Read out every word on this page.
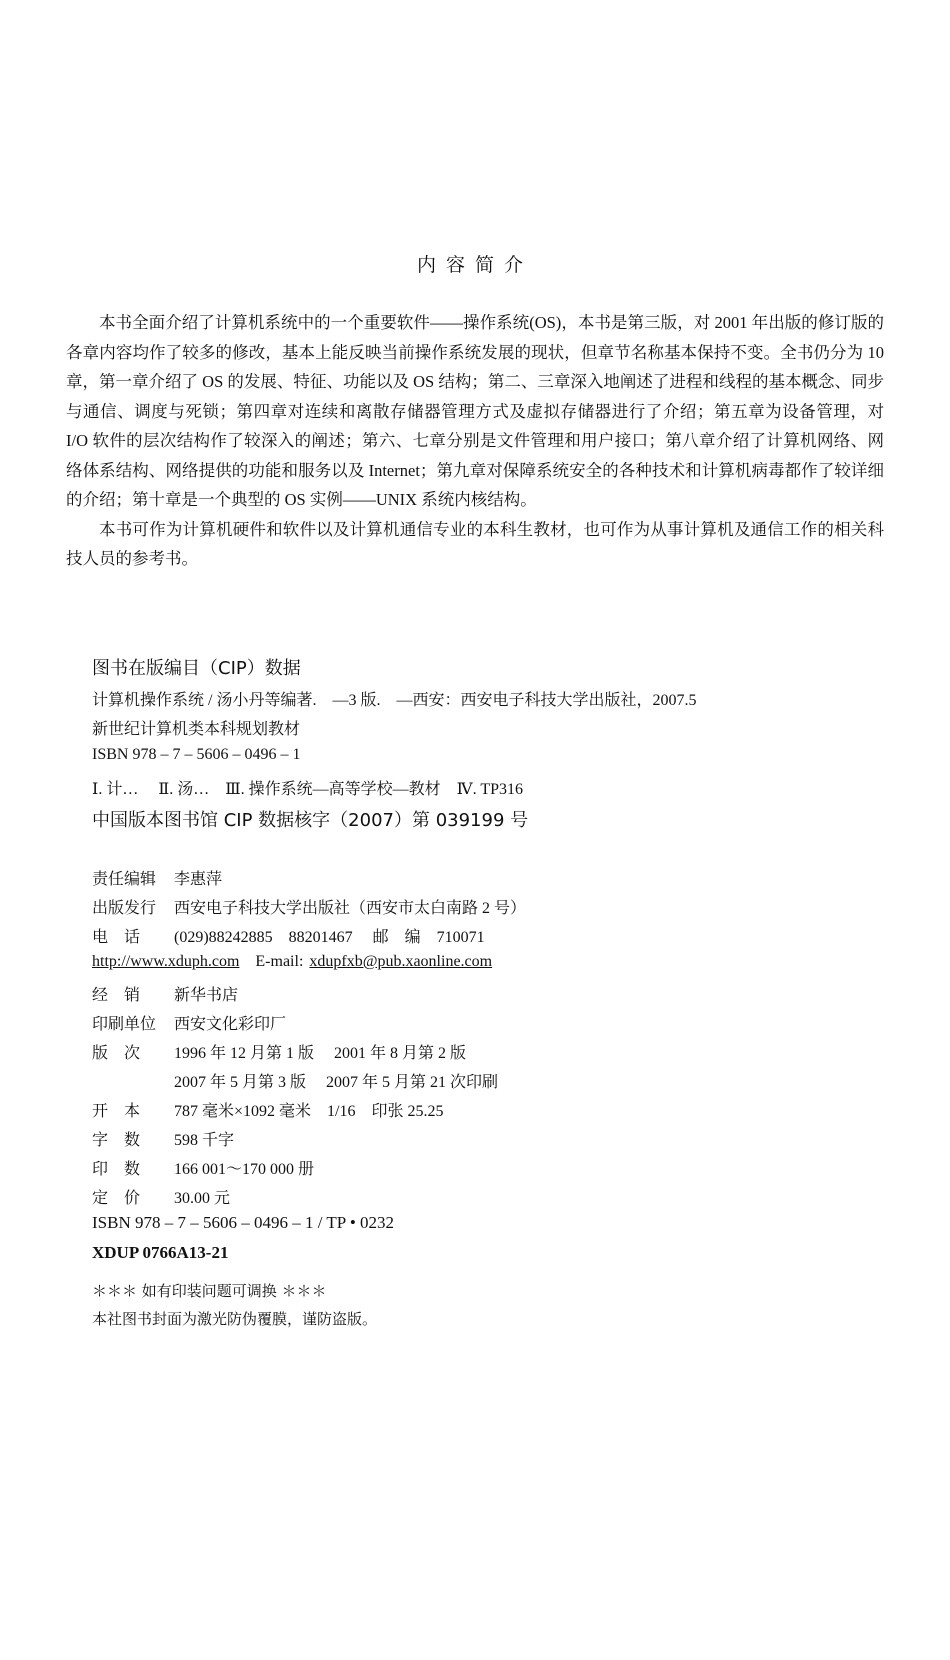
内容简介

本书全面介绍了计算机系统中的一个重要软件——操作系统(OS)，本书是第三版，对 2001 年出版的修订版的各章内容均作了较多的修改，基本上能反映当前操作系统发展的现状，但章节名称基本保持不变。全书仍分为 10 章，第一章介绍了 OS 的发展、特征、功能以及 OS 结构；第二、三章深入地阐述了进程和线程的基本概念、同步与通信、调度与死锁；第四章对连续和离散存储器管理方式及虚拟存储器进行了介绍；第五章为设备管理，对 I/O 软件的层次结构作了较深入的阐述；第六、七章分别是文件管理和用户接口；第八章介绍了计算机网络、网络体系结构、网络提供的功能和服务以及 Internet；第九章对保障系统安全的各种技术和计算机病毒都作了较详细的介绍；第十章是一个典型的 OS 实例——UNIX 系统内核结构。

本书可作为计算机硬件和软件以及计算机通信专业的本科生教材，也可作为从事计算机及通信工作的相关科技人员的参考书。

图书在版编目（CIP）数据
计算机操作系统 / 汤小丹等编著.　—3 版.　—西安：西安电子科技大学出版社，2007.5
新世纪计算机类本科规划教材
ISBN 978 – 7 – 5606 – 0496 – 1
Ⅰ. 计…　 Ⅱ. 汤…　Ⅲ. 操作系统—高等学校—教材　Ⅳ. TP316
中国版本图书馆 CIP 数据核字（2007）第 039199 号
责任编辑 李惠萍
出版发行 西安电子科技大学出版社（西安市太白南路 2 号）
电　话	(029)88242885　88201467　 邮　编　710071
http://www.xduph.com E-mail: xdupfxb@pub.xaonline.com
经　销	新华书店
印刷单位 西安文化彩印厂
版　次	1996 年 12 月第 1 版　 2001 年 8 月第 2 版
2007 年 5 月第 3 版　 2007 年 5 月第 21 次印刷
开　本	787 毫米×1092 毫米　1/16　印张 25.25
字　数	598 千字
印　数	166 001～170 000 册
定　价	30.00 元
ISBN 978 – 7 – 5606 – 0496 – 1 / TP • 0232
XDUP 0766A13-21
＊＊＊ 如有印装问题可调换 ＊＊＊
本社图书封面为激光防伪覆膜，谨防盗版。
